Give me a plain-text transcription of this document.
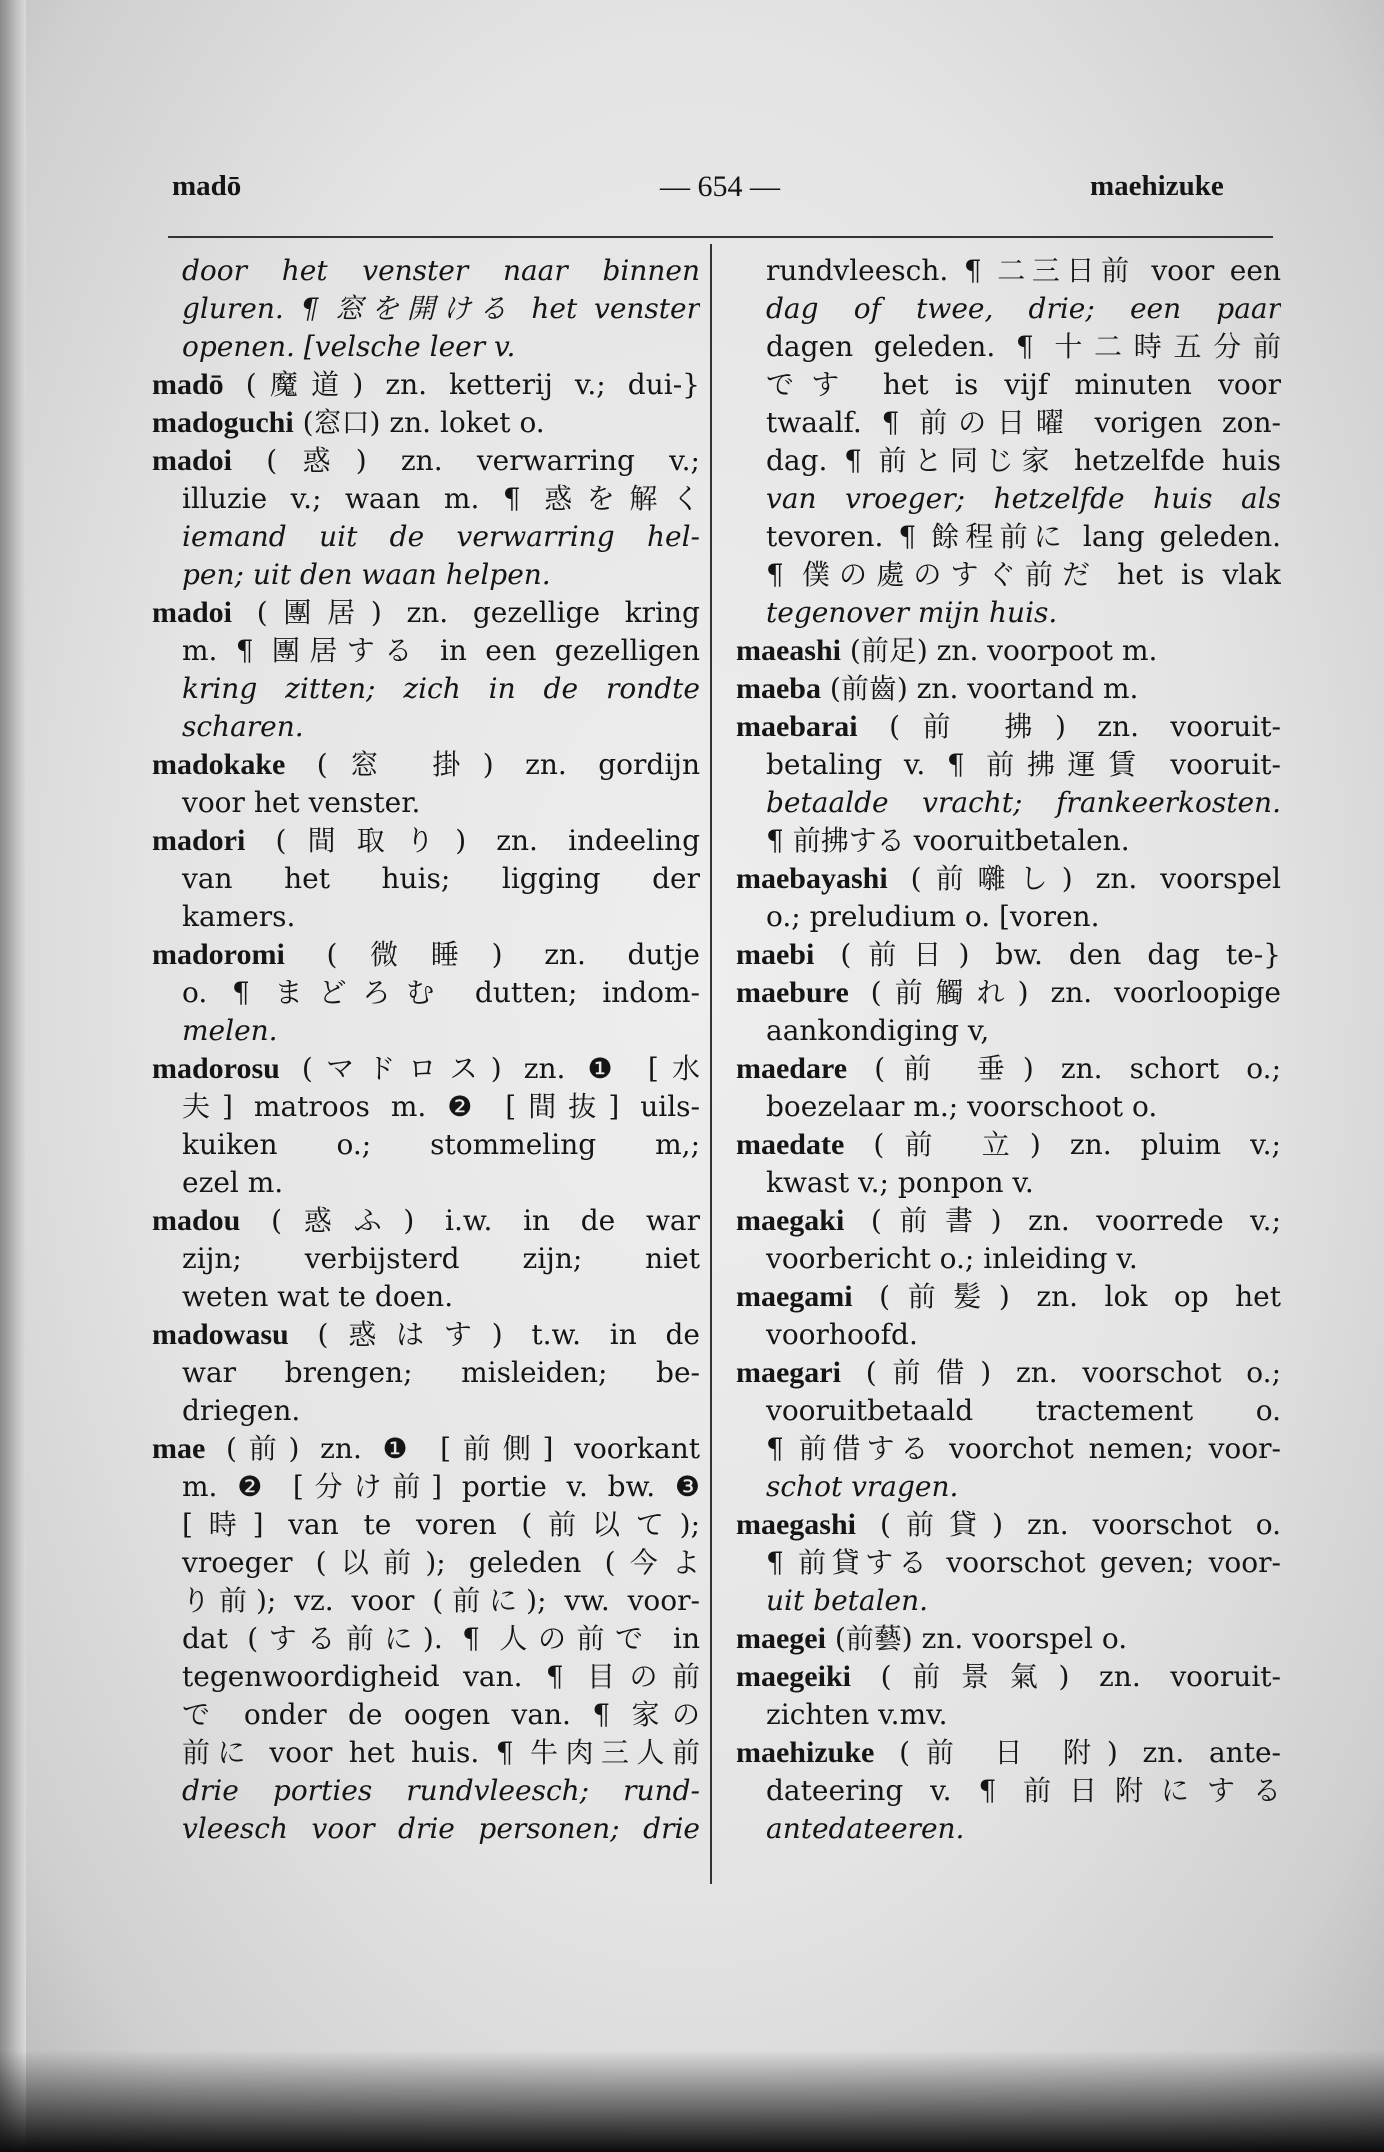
madō	— 654 —	maehizuke
door het venster naar binnen
gluren. ¶ 窓を開ける het venster
openen. [velsche leer v.
madō (魔道) zn. ketterij v.; dui-}
madoguchi (窓口) zn. loket o.
madoi (惑) zn. verwarring v.;
illuzie v.; waan m. ¶ 惑を解く
iemand uit de verwarring hel-
pen; uit den waan helpen.
madoi (團居) zn. gezellige kring
m. ¶ 團居する in een gezelligen
kring zitten; zich in de rondte
scharen.
madokake (窓 掛) zn. gordijn
voor het venster.
madori (間取り) zn. indeeling
van het huis; ligging der
kamers.
madoromi (微睡) zn. dutje
o. ¶ まどろむ dutten; indom-
melen.
madorosu (マドロス) zn. ❶ [水
夫] matroos m. ❷ [間抜] uils-
kuiken o.; stommeling m,;
ezel m.
madou (惑ふ) i.w. in de war
zijn; verbijsterd zijn; niet
weten wat te doen.
madowasu (惑はす) t.w. in de
war brengen; misleiden; be-
driegen.
mae (前) zn. ❶ [前側] voorkant
m. ❷ [分け前] portie v. bw. ❸
[時] van te voren (前以て);
vroeger (以前); geleden (今よ
り前); vz. voor (前に); vw. voor-
dat (する前に). ¶ 人の前で in
tegenwoordigheid van. ¶ 目の前
で onder de oogen van. ¶ 家の
前に voor het huis. ¶ 牛肉三人前
drie porties rundvleesch; rund-
vleesch voor drie personen; drie
rundvleesch. ¶ 二三日前 voor een
dag of twee, drie; een paar
dagen geleden. ¶ 十二時五分前
です het is vijf minuten voor
twaalf. ¶ 前の日曜 vorigen zon-
dag. ¶ 前と同じ家 hetzelfde huis
van vroeger; hetzelfde huis als
tevoren. ¶ 餘程前に lang geleden.
¶ 僕の處のすぐ前だ het is vlak
tegenover mijn huis.
maeashi (前足) zn. voorpoot m.
maeba (前齒) zn. voortand m.
maebarai (前 拂) zn. vooruit-
betaling v. ¶ 前拂運賃 vooruit-
betaalde vracht; frankeerkosten.
¶ 前拂する vooruitbetalen.
maebayashi (前囃し) zn. voorspel
o.; preludium o. [voren.
maebi (前日) bw. den dag te-}
maebure (前觸れ) zn. voorloopige
aankondiging v,
maedare (前 垂) zn. schort o.;
boezelaar m.; voorschoot o.
maedate (前 立) zn. pluim v.;
kwast v.; ponpon v.
maegaki (前書) zn. voorrede v.;
voorbericht o.; inleiding v.
maegami (前髪) zn. lok op het
voorhoofd.
maegari (前借) zn. voorschot o.;
vooruitbetaald tractement o.
¶ 前借する voorchot nemen; voor-
schot vragen.
maegashi (前貸) zn. voorschot o.
¶ 前貸する voorschot geven; voor-
uit betalen.
maegei (前藝) zn. voorspel o.
maegeiki (前景氣) zn. vooruit-
zichten v.mv.
maehizuke (前 日 附) zn. ante-
dateering v. ¶ 前日附にする
antedateeren.
